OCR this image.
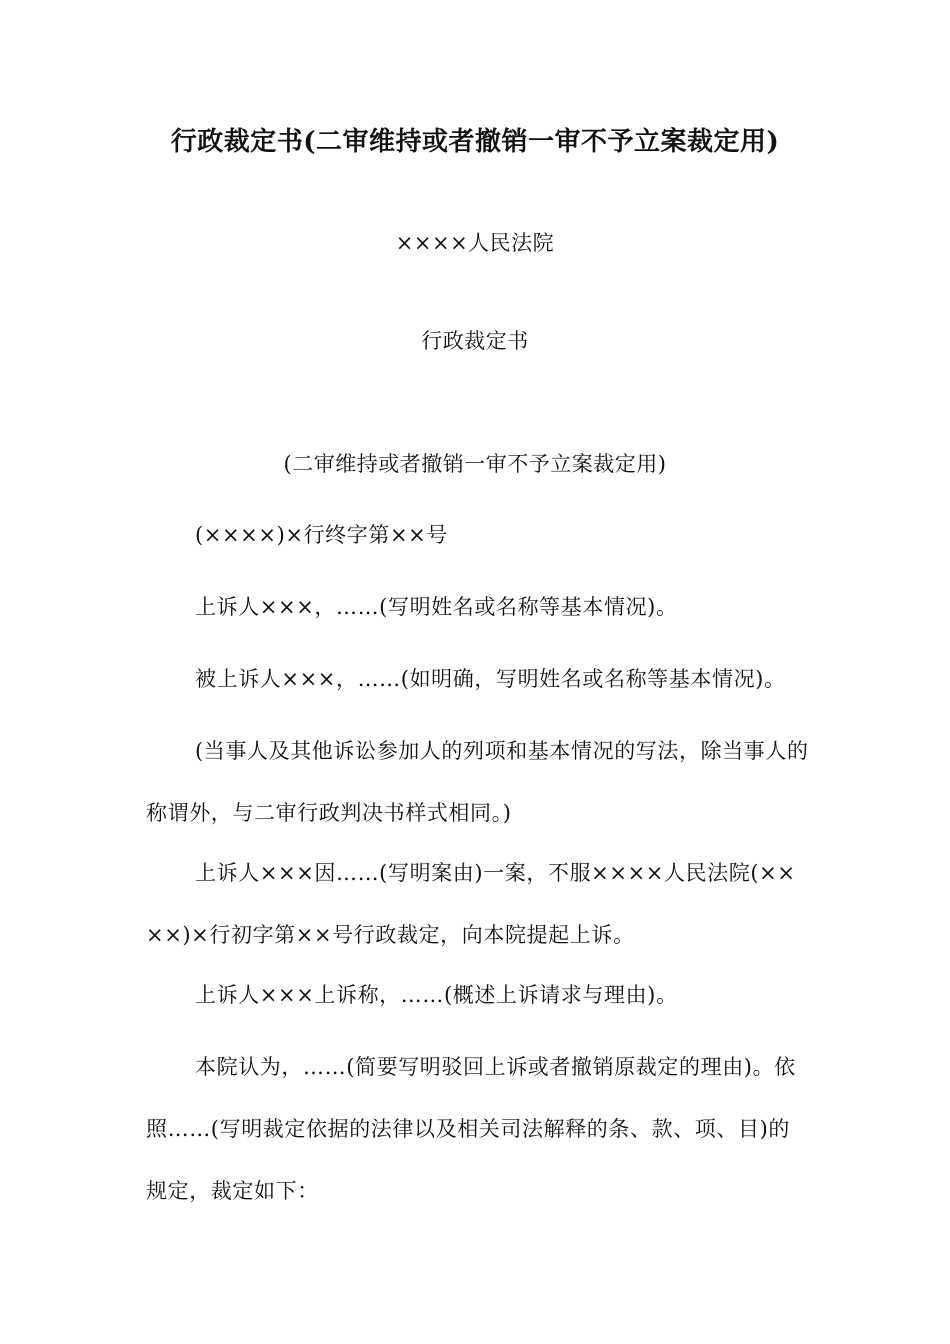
行政裁定书(二审维持或者撤销一审不予立案裁定用)

××××人民法院

行政裁定书

(二审维持或者撤销一审不予立案裁定用)

(××××)×行终字第××号

上诉人×××，……(写明姓名或名称等基本情况)。

被上诉人×××，……(如明确，写明姓名或名称等基本情况)。

(当事人及其他诉讼参加人的列项和基本情况的写法，除当事人的称谓外，与二审行政判决书样式相同。)

上诉人×××因……(写明案由)一案，不服××××人民法院(××××)×行初字第××号行政裁定，向本院提起上诉。

上诉人×××上诉称，……(概述上诉请求与理由)。

本院认为，……(简要写明驳回上诉或者撤销原裁定的理由)。依照……(写明裁定依据的法律以及相关司法解释的条、款、项、目)的规定，裁定如下：
